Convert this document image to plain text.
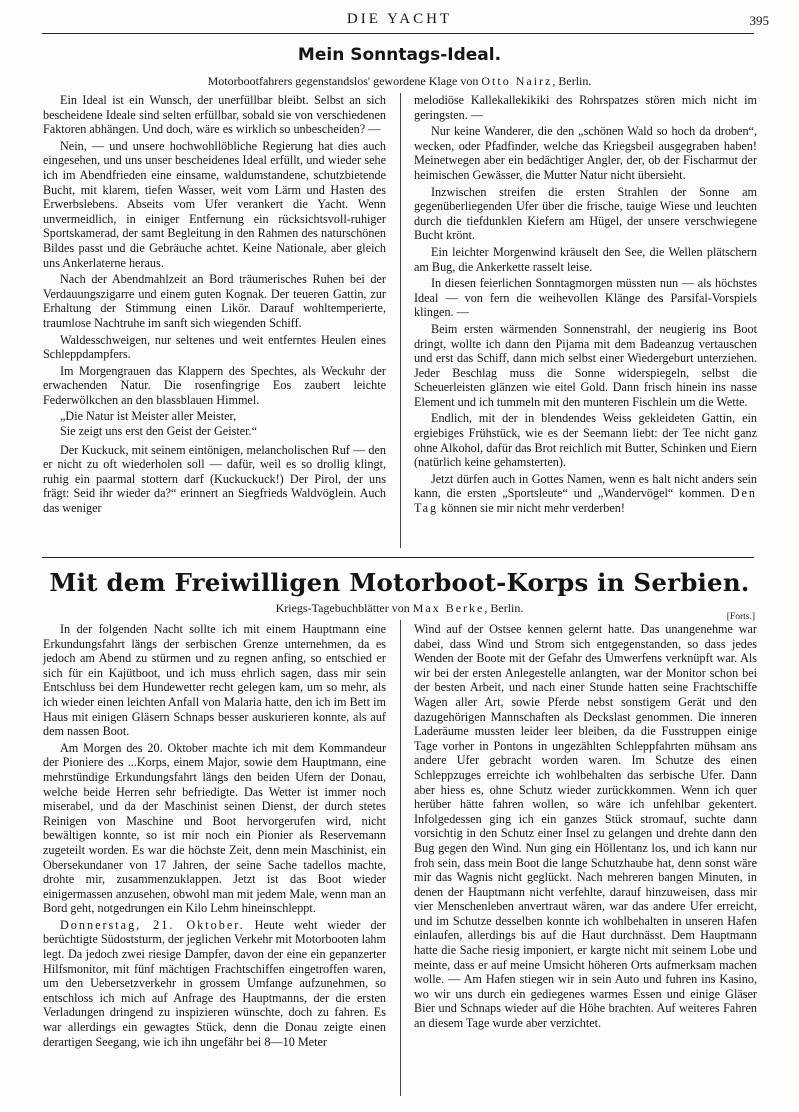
DIE YACHT	395
Mein Sonntags-Ideal.
Motorbootfahrers gegenstandslos' gewordene Klage von Otto Nairz, Berlin.

Ein Ideal ist ein Wunsch, der unerfüllbar bleibt. Selbst an sich bescheidene Ideale sind selten erfüllbar, sobald sie von verschiedenen Faktoren abhängen. Und doch, wäre es wirklich so unbescheiden? —

Nein, — und unsere hochwohllöbliche Regierung hat dies auch eingesehen, und uns unser bescheidenes Ideal erfüllt, und wieder sehe ich im Abendfrieden eine einsame, waldumstandene, schutzbietende Bucht, mit klarem, tiefen Wasser, weit vom Lärm und Hasten des Erwerbslebens. Abseits vom Ufer verankert die Yacht. Wenn unvermeidlich, in einiger Entfernung ein rücksichtsvoll-ruhiger Sportskamerad, der samt Begleitung in den Rahmen des naturschönen Bildes passt und die Gebräuche achtet. Keine Nationale, aber gleich uns Ankerlaterne heraus.

Nach der Abendmahlzeit an Bord träumerisches Ruhen bei der Verdauungszigarre und einem guten Kognak. Der teueren Gattin, zur Erhaltung der Stimmung einen Likör. Darauf wohltemperierte, traumlose Nachtruhe im sanft sich wiegenden Schiff.

Waldesschweigen, nur seltenes und weit entferntes Heulen eines Schleppdampfers.

Im Morgengrauen das Klappern des Spechtes, als Weckuhr der erwachenden Natur. Die rosenfingrige Eos zaubert leichte Federwölkchen an den blassblauen Himmel.

„Die Natur ist Meister aller Meister,
Sie zeigt uns erst den Geist der Geister.“

Der Kuckuck, mit seinem eintönigen, melancholischen Ruf — den er nicht zu oft wiederholen soll — dafür, weil es so drollig klingt, ruhig ein paarmal stottern darf (Kuckuckuck!) Der Pirol, der uns frägt: Seid ihr wieder da?“ erinnert an Siegfrieds Waldvöglein. Auch das weniger

melodiöse Kallekallekikiki des Rohrspatzes stören mich nicht im geringsten. —

Nur keine Wanderer, die den „schönen Wald so hoch da droben“, wecken, oder Pfadfinder, welche das Kriegsbeil ausgegraben haben! Meinetwegen aber ein bedächtiger Angler, der, ob der Fischarmut der heimischen Gewässer, die Mutter Natur nicht übersieht.

Inzwischen streifen die ersten Strahlen der Sonne am gegenüberliegenden Ufer über die frische, tauige Wiese und leuchten durch die tiefdunklen Kiefern am Hügel, der unsere verschwiegene Bucht krönt.

Ein leichter Morgenwind kräuselt den See, die Wellen plätschern am Bug, die Ankerkette rasselt leise.

In diesen feierlichen Sonntagmorgen müssten nun — als höchstes Ideal — von fern die weihevollen Klänge des Parsifal-Vorspiels klingen. —

Beim ersten wärmenden Sonnenstrahl, der neugierig ins Boot dringt, wollte ich dann den Pijama mit dem Badeanzug vertauschen und erst das Schiff, dann mich selbst einer Wiedergeburt unterziehen. Jeder Beschlag muss die Sonne widerspiegeln, selbst die Scheuerleisten glänzen wie eitel Gold. Dann frisch hinein ins nasse Element und ich tummeln mit den munteren Fischlein um die Wette.

Endlich, mit der in blendendes Weiss gekleideten Gattin, ein ergiebiges Frühstück, wie es der Seemann liebt: der Tee nicht ganz ohne Alkohol, dafür das Brot reichlich mit Butter, Schinken und Eiern (natürlich keine gehamsterten).

Jetzt dürfen auch in Gottes Namen, wenn es halt nicht anders sein kann, die ersten „Sportsleute“ und „Wandervögel“ kommen. Den Tag können sie mir nicht mehr verderben!

Mit dem Freiwilligen Motorboot-Korps in Serbien.
Kriegs-Tagebuchblätter von Max Berke, Berlin.
[Forts.]

In der folgenden Nacht sollte ich mit einem Hauptmann eine Erkundungsfahrt längs der serbischen Grenze unternehmen, da es jedoch am Abend zu stürmen und zu regnen anfing, so entschied er sich für ein Kajütboot, und ich muss ehrlich sagen, dass mir sein Entschluss bei dem Hundewetter recht gelegen kam, um so mehr, als ich wieder einen leichten Anfall von Malaria hatte, den ich im Bett im Haus mit einigen Gläsern Schnaps besser auskurieren konnte, als auf dem nassen Boot.

Am Morgen des 20. Oktober machte ich mit dem Kommandeur der Pioniere des ...Korps, einem Major, sowie dem Hauptmann, eine mehrstündige Erkundungsfahrt längs den beiden Ufern der Donau, welche beide Herren sehr befriedigte. Das Wetter ist immer noch miserabel, und da der Maschinist seinen Dienst, der durch stetes Reinigen von Maschine und Boot hervorgerufen wird, nicht bewältigen konnte, so ist mir noch ein Pionier als Reservemann zugeteilt worden. Es war die höchste Zeit, denn mein Maschinist, ein Obersekundaner von 17 Jahren, der seine Sache tadellos machte, drohte mir, zusammenzuklappen. Jetzt ist das Boot wieder einigermassen anzusehen, obwohl man mit jedem Male, wenn man an Bord geht, notgedrungen ein Kilo Lehm hineinschleppt.

Donnerstag, 21. Oktober. Heute weht wieder der berüchtigte Südoststurm, der jeglichen Verkehr mit Motorbooten lahm legt. Da jedoch zwei riesige Dampfer, davon der eine ein gepanzerter Hilfsmonitor, mit fünf mächtigen Frachtschiffen eingetroffen waren, um den Uebersetzverkehr in grossem Umfange aufzunehmen, so entschloss ich mich auf Anfrage des Hauptmanns, der die ersten Verladungen dringend zu inspizieren wünschte, doch zu fahren. Es war allerdings ein gewagtes Stück, denn die Donau zeigte einen derartigen Seegang, wie ich ihn ungefähr bei 8—10 Meter

Wind auf der Ostsee kennen gelernt hatte. Das unangenehme war dabei, dass Wind und Strom sich entgegenstanden, so dass jedes Wenden der Boote mit der Gefahr des Umwerfens verknüpft war. Als wir bei der ersten Anlegestelle anlangten, war der Monitor schon bei der besten Arbeit, und nach einer Stunde hatten seine Frachtschiffe Wagen aller Art, sowie Pferde nebst sonstigem Gerät und den dazugehörigen Mannschaften als Deckslast genommen. Die inneren Laderäume mussten leider leer bleiben, da die Fusstruppen einige Tage vorher in Pontons in ungezählten Schleppfahrten mühsam ans andere Ufer gebracht worden waren. Im Schutze des einen Schleppzuges erreichte ich wohlbehalten das serbische Ufer. Dann aber hiess es, ohne Schutz wieder zurückkommen. Wenn ich quer herüber hätte fahren wollen, so wäre ich unfehlbar gekentert. Infolgedessen ging ich ein ganzes Stück stromauf, suchte dann vorsichtig in den Schutz einer Insel zu gelangen und drehte dann den Bug gegen den Wind. Nun ging ein Höllentanz los, und ich kann nur froh sein, dass mein Boot die lange Schutzhaube hat, denn sonst wäre mir das Wagnis nicht geglückt. Nach mehreren bangen Minuten, in denen der Hauptmann nicht verfehlte, darauf hinzuweisen, dass mir vier Menschenleben anvertraut wären, war das andere Ufer erreicht, und im Schutze desselben konnte ich wohlbehalten in unseren Hafen einlaufen, allerdings bis auf die Haut durchnässt. Dem Hauptmann hatte die Sache riesig imponiert, er kargte nicht mit seinem Lobe und meinte, dass er auf meine Umsicht höheren Orts aufmerksam machen wolle. — Am Hafen stiegen wir in sein Auto und fuhren ins Kasino, wo wir uns durch ein gediegenes warmes Essen und einige Gläser Bier und Schnaps wieder auf die Höhe brachten. Auf weiteres Fahren an diesem Tage wurde aber verzichtet.
